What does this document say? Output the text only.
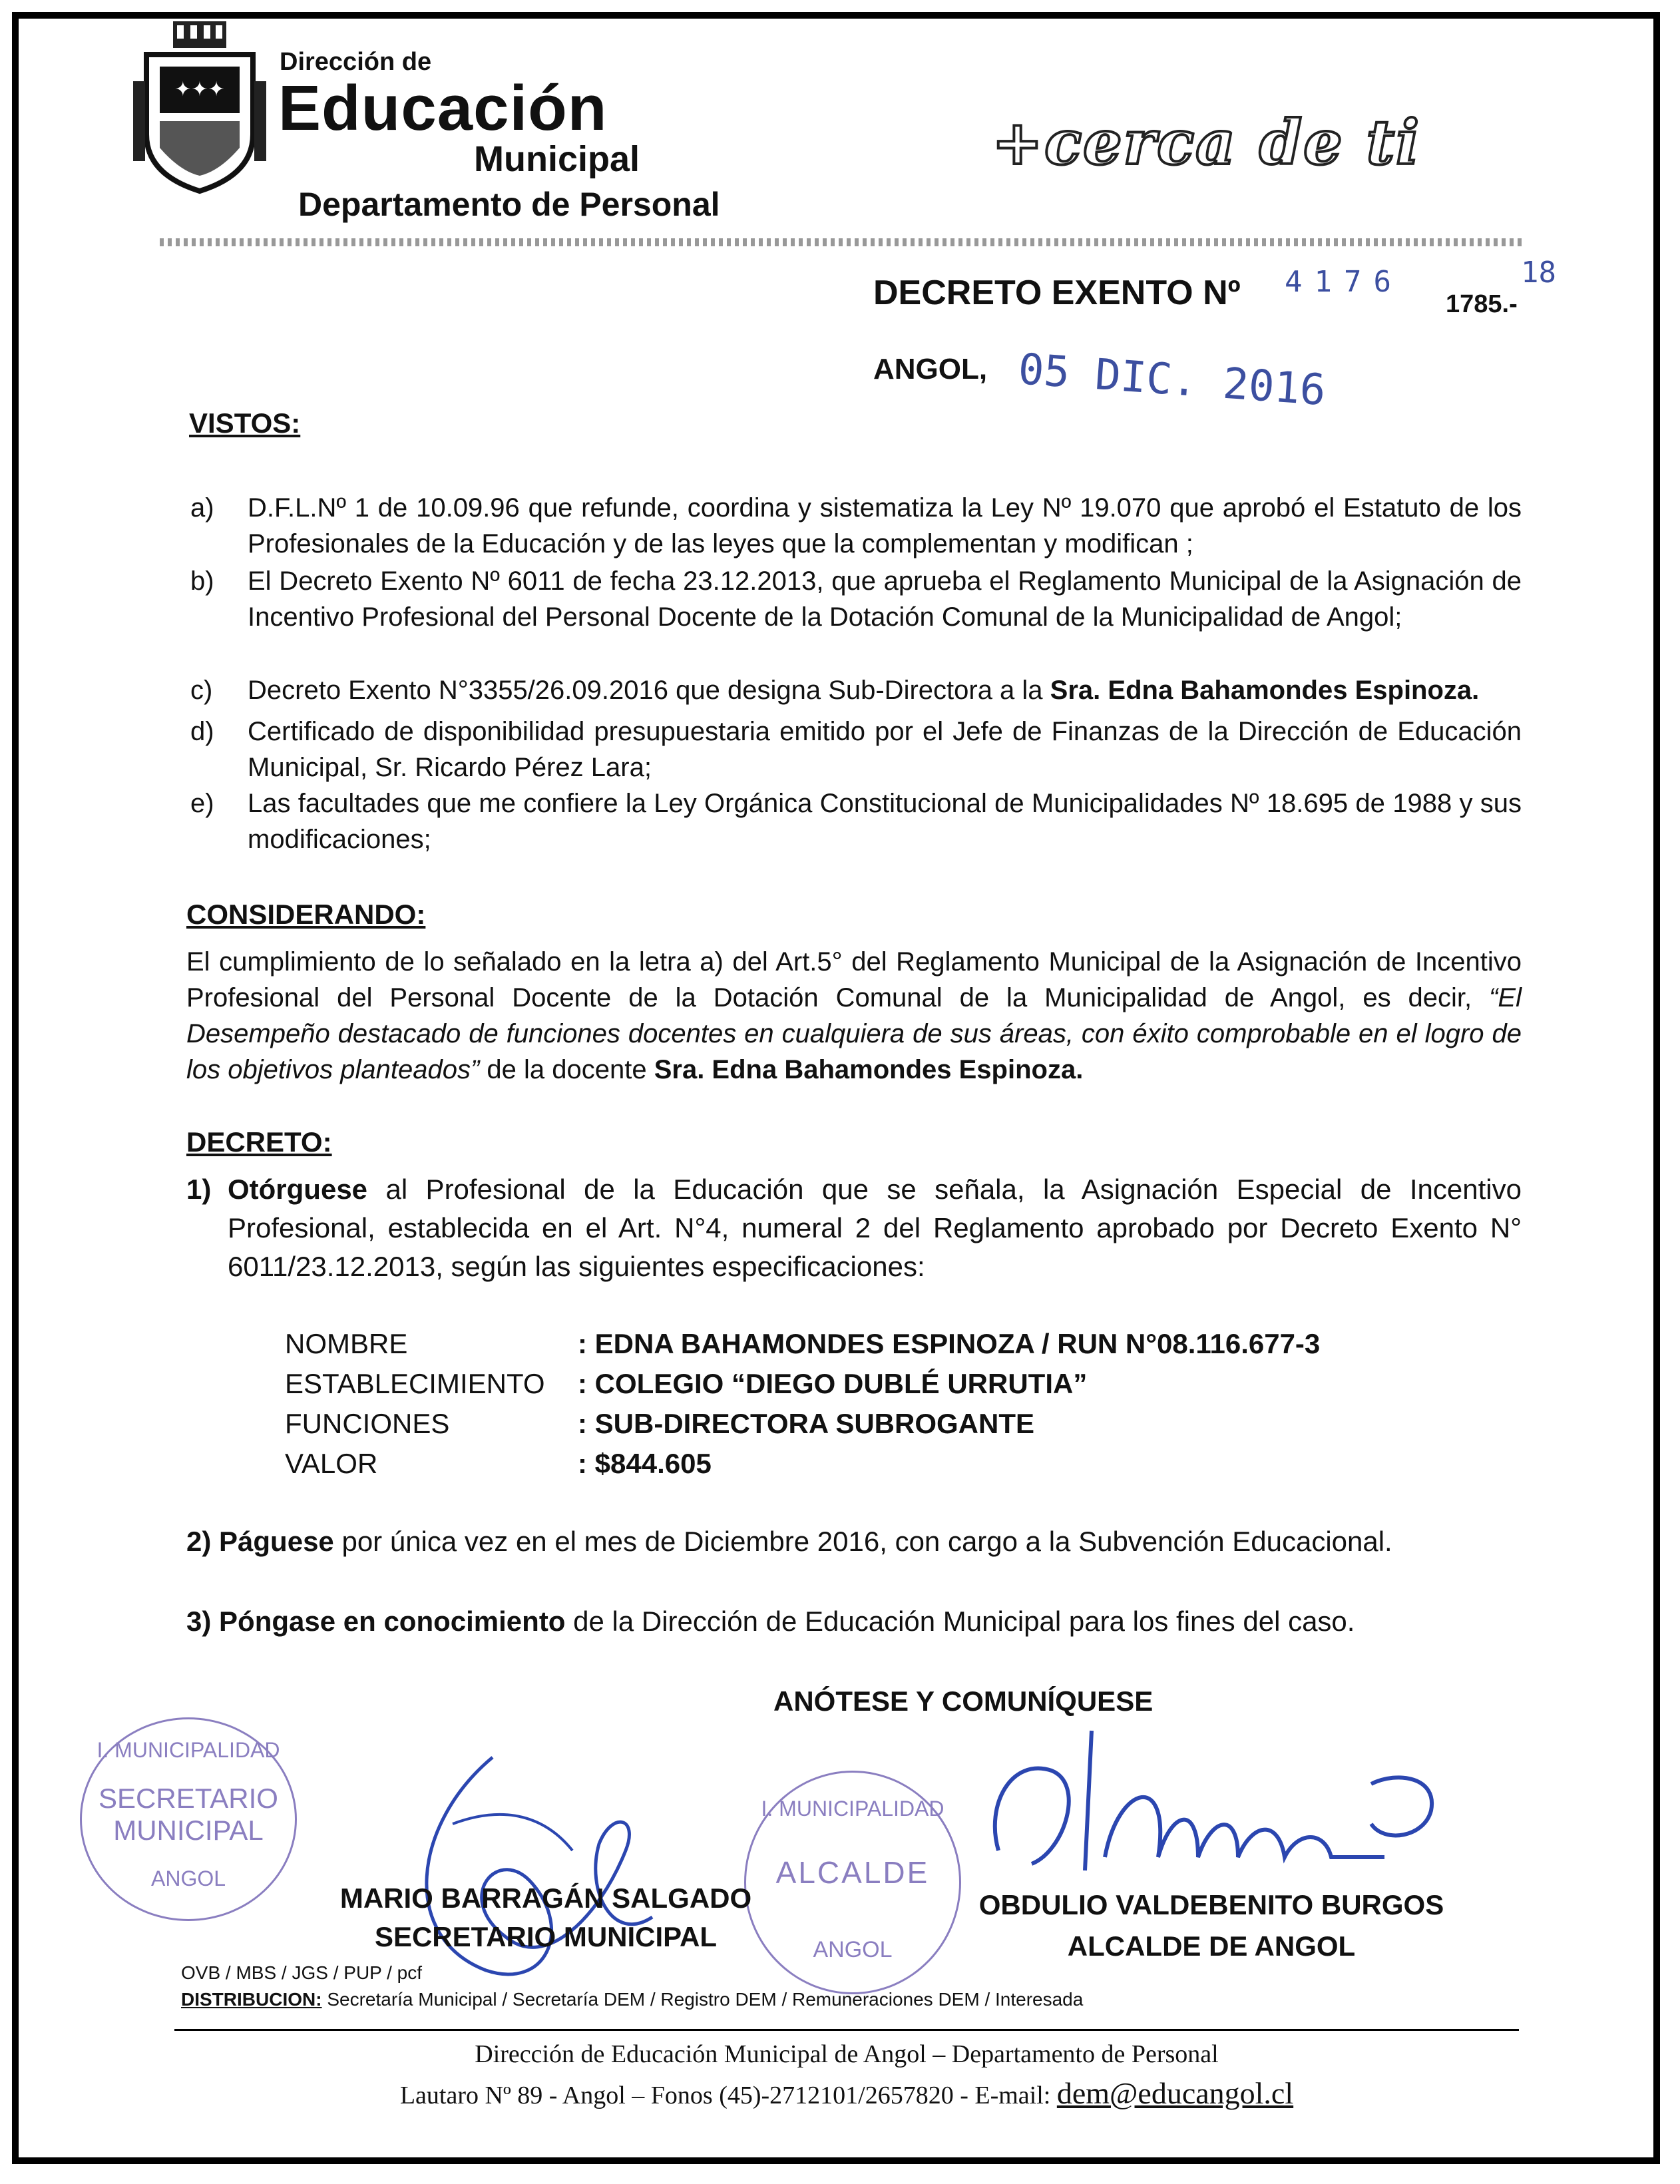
✦✦✦
Dirección de
Educación
Municipal
Departamento de Personal
+cerca de ti
DECRETO EXENTO Nº 4176
1785.-
18
ANGOL, 05 DIC. 2016
VISTOS:
a) D.F.L.Nº 1 de 10.09.96 que refunde, coordina y sistematiza la Ley Nº 19.070 que aprobó el Estatuto de los Profesionales de la Educación y de las leyes que la complementan y modifican ;
b) El Decreto Exento Nº 6011 de fecha 23.12.2013, que aprueba el Reglamento Municipal de la Asignación de Incentivo Profesional del Personal Docente de la Dotación Comunal de la Municipalidad de Angol;
c) Decreto Exento N°3355/26.09.2016 que designa Sub-Directora a la Sra. Edna Bahamondes Espinoza.
d) Certificado de disponibilidad presupuestaria emitido por el Jefe de Finanzas de la Dirección de Educación Municipal, Sr. Ricardo Pérez Lara;
e) Las facultades que me confiere la Ley Orgánica Constitucional de Municipalidades Nº 18.695 de 1988 y sus modificaciones;
CONSIDERANDO:
El cumplimiento de lo señalado en la letra a) del Art.5° del Reglamento Municipal de la Asignación de Incentivo Profesional del Personal Docente de la Dotación Comunal de la Municipalidad de Angol, es decir, “El Desempeño destacado de funciones docentes en cualquiera de sus áreas, con éxito comprobable en el logro de los objetivos planteados” de la docente Sra. Edna Bahamondes Espinoza.
DECRETO:
1) Otórguese al Profesional de la Educación que se señala, la Asignación Especial de Incentivo Profesional, establecida en el Art. N°4, numeral 2 del Reglamento aprobado por Decreto Exento N° 6011/23.12.2013, según las siguientes especificaciones:
NOMBRE	: EDNA BAHAMONDES ESPINOZA / RUN N°08.116.677-3
ESTABLECIMIENTO : COLEGIO “DIEGO DUBLÉ URRUTIA”
FUNCIONES	: SUB-DIRECTORA SUBROGANTE
VALOR	: $844.605
2) Páguese por única vez en el mes de Diciembre 2016, con cargo a la Subvención Educacional.
3) Póngase en conocimiento de la Dirección de Educación Municipal para los fines del caso.
ANÓTESE Y COMUNÍQUESE
I. MUNICIPALIDAD
SECRETARIO
MUNICIPAL
ANGOL
I. MUNICIPALIDAD
ALCALDE
ANGOL
MARIO BARRAGÁN SALGADO
SECRETARIO MUNICIPAL
OBDULIO VALDEBENITO BURGOS
ALCALDE DE ANGOL
OVB / MBS / JGS / PUP / pcf
DISTRIBUCION: Secretaría Municipal / Secretaría DEM / Registro DEM / Remuneraciones DEM / Interesada
Dirección de Educación Municipal de Angol – Departamento de Personal
Lautaro Nº 89 - Angol – Fonos (45)-2712101/2657820 - E-mail: dem@educangol.cl
